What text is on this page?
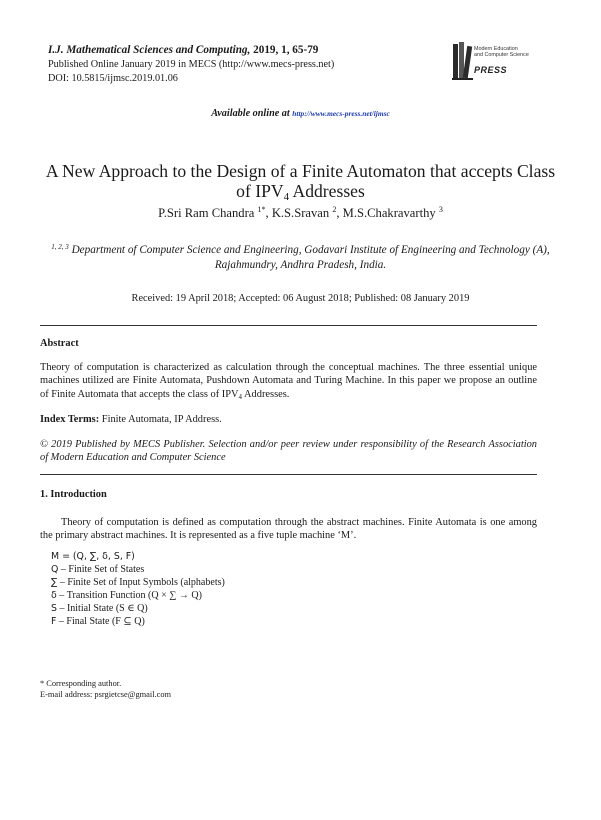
I.J. Mathematical Sciences and Computing, 2019, 1, 65-79
Published Online January 2019 in MECS (http://www.mecs-press.net)
DOI: 10.5815/ijmsc.2019.01.06
Modern Education
and Computer Science
PRESS
Available online at http://www.mecs-press.net/ijmsc
A New Approach to the Design of a Finite Automaton that accepts Class of $IPV_4$ Addresses
P.Sri Ram Chandra $^{1*}$, K.S.Sravan $^2$, M.S.Chakravarthy $^3$
$^{1, 2, 3}$ Department of Computer Science and Engineering, Godavari Institute of Engineering and Technology (A), Rajahmundry, Andhra Pradesh, India.
Received: 19 April 2018; Accepted: 06 August 2018; Published: 08 January 2019
Abstract
Theory of computation is characterized as calculation through the conceptual machines. The three essential unique machines utilized are Finite Automata, Pushdown Automata and Turing Machine. In this paper we propose an outline of Finite Automata that accepts the class of $IPV_4$ Addresses.
Index Terms: Finite Automata, IP Address.
© 2019 Published by MECS Publisher. Selection and/or peer review under responsibility of the Research Association of Modern Education and Computer Science
1. Introduction
Theory of computation is defined as computation through the abstract machines. Finite Automata is one among the primary abstract machines. It is represented as a five tuple machine ‘M’.
M = (Q, ∑, δ, S, F)
Q – Finite Set of States
∑ – Finite Set of Input Symbols (alphabets)
δ – Transition Function (Q × ∑ → Q)
S – Initial State (S ∈ Q)
F – Final State (F ⊆ Q)
* Corresponding author.
E-mail address: psrgietcse@gmail.com
